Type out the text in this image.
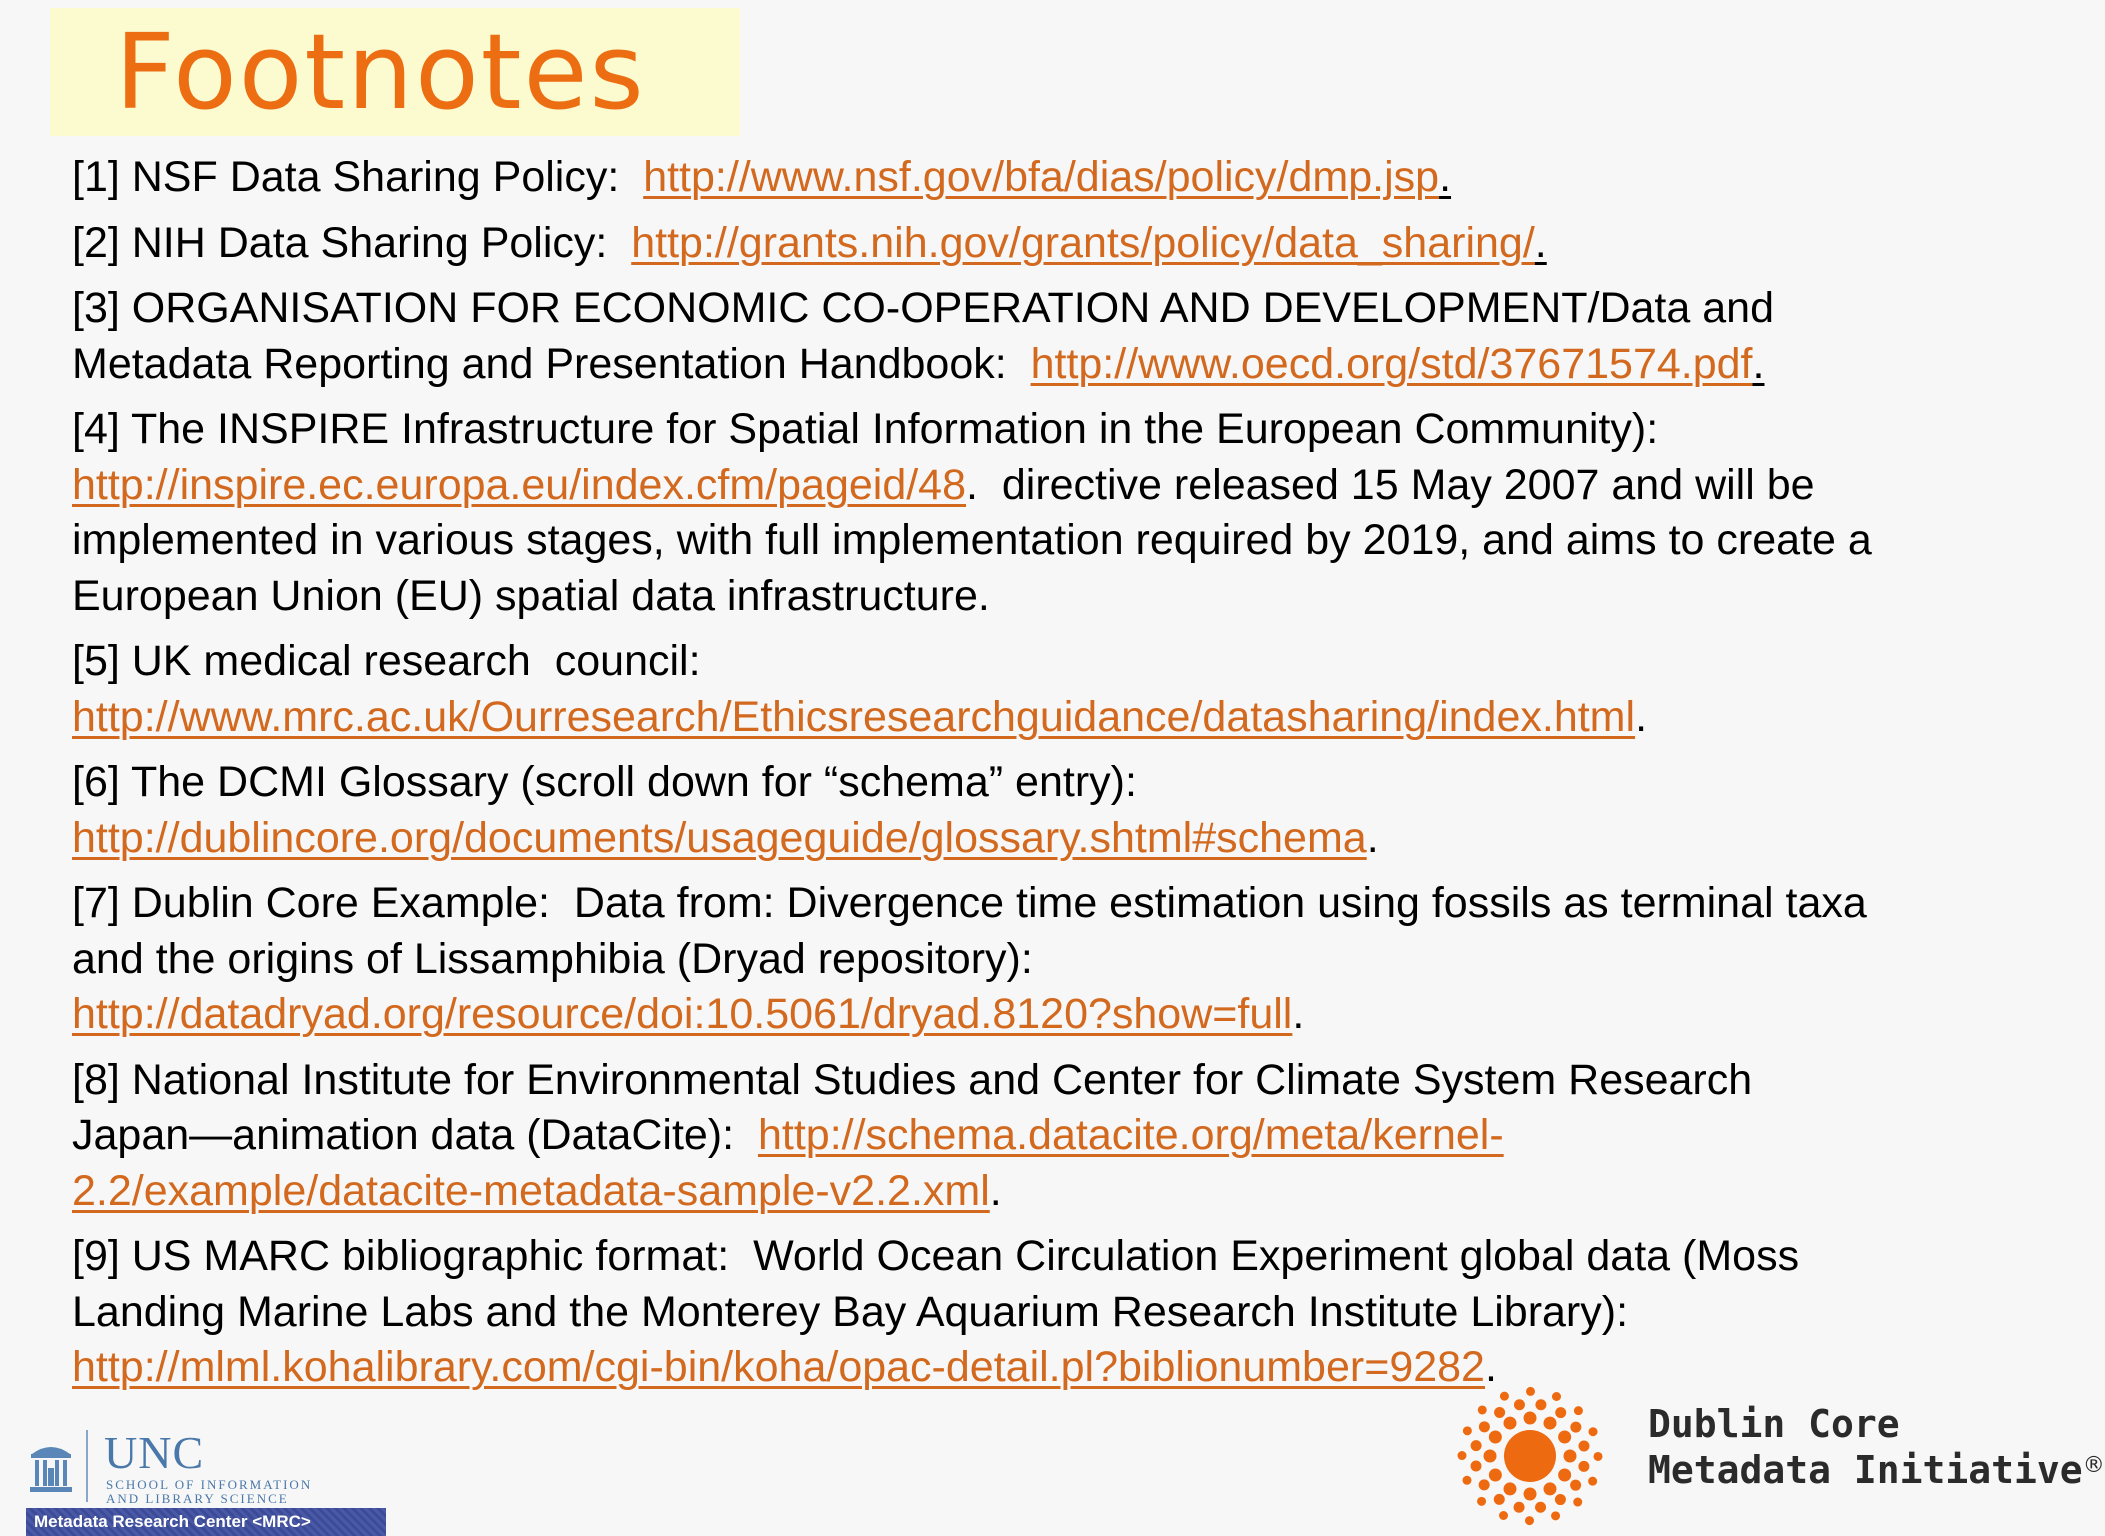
Footnotes
[1] NSF Data Sharing Policy:  http://www.nsf.gov/bfa/dias/policy/dmp.jsp.
[2] NIH Data Sharing Policy:  http://grants.nih.gov/grants/policy/data_sharing/.
[3] ORGANISATION FOR ECONOMIC CO-OPERATION AND DEVELOPMENT/Data and
Metadata Reporting and Presentation Handbook:  http://www.oecd.org/std/37671574.pdf.
[4] The INSPIRE Infrastructure for Spatial Information in the European Community):
http://inspire.ec.europa.eu/index.cfm/pageid/48.  directive released 15 May 2007 and will be
implemented in various stages, with full implementation required by 2019, and aims to create a
European Union (EU) spatial data infrastructure.
[5] UK medical research  council:
http://www.mrc.ac.uk/Ourresearch/Ethicsresearchguidance/datasharing/index.html.
[6] The DCMI Glossary (scroll down for “schema” entry):
http://dublincore.org/documents/usageguide/glossary.shtml#schema.
[7] Dublin Core Example:  Data from: Divergence time estimation using fossils as terminal taxa
and the origins of Lissamphibia (Dryad repository):
http://datadryad.org/resource/doi:10.5061/dryad.8120?show=full.
[8] National Institute for Environmental Studies and Center for Climate System Research
Japan—animation data (DataCite):  http://schema.datacite.org/meta/kernel-
2.2/example/datacite-metadata-sample-v2.2.xml.
[9] US MARC bibliographic format:  World Ocean Circulation Experiment global data (Moss
Landing Marine Labs and the Monterey Bay Aquarium Research Institute Library):
http://mlml.kohalibrary.com/cgi-bin/koha/opac-detail.pl?biblionumber=9282.
UNC
SCHOOL OF INFORMATION
AND LIBRARY SCIENCE
Metadata Research Center <MRC>
Dublin Core
Metadata Initiative®
